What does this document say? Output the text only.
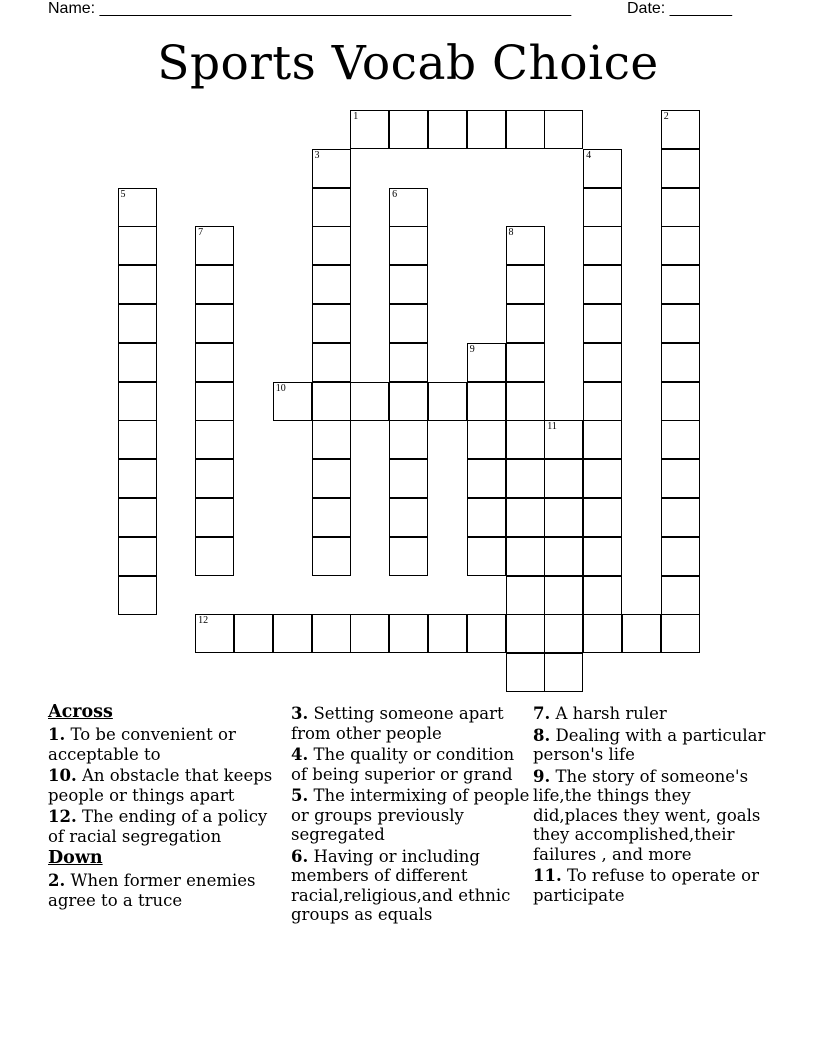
Name: _____________________________________________________	Date: _______
Sports Vocab Choice
1	2
3	4
5	6
7	8
9
10
11
12
Across
1. To be convenient or acceptable to
10. An obstacle that keeps people or things apart
12. The ending of a policy of racial segregation
Down
2. When former enemies agree to a truce
3. Setting someone apart from other people
4. The quality or condition of being superior or grand
5. The intermixing of people or groups previously segregated
6. Having or including members of different racial,religious,and ethnic groups as equals
7. A harsh ruler
8. Dealing with a particular person's life
9. The story of someone's life,the things they did,places they went, goals they accomplished,their failures , and more
11. To refuse to operate or participate
